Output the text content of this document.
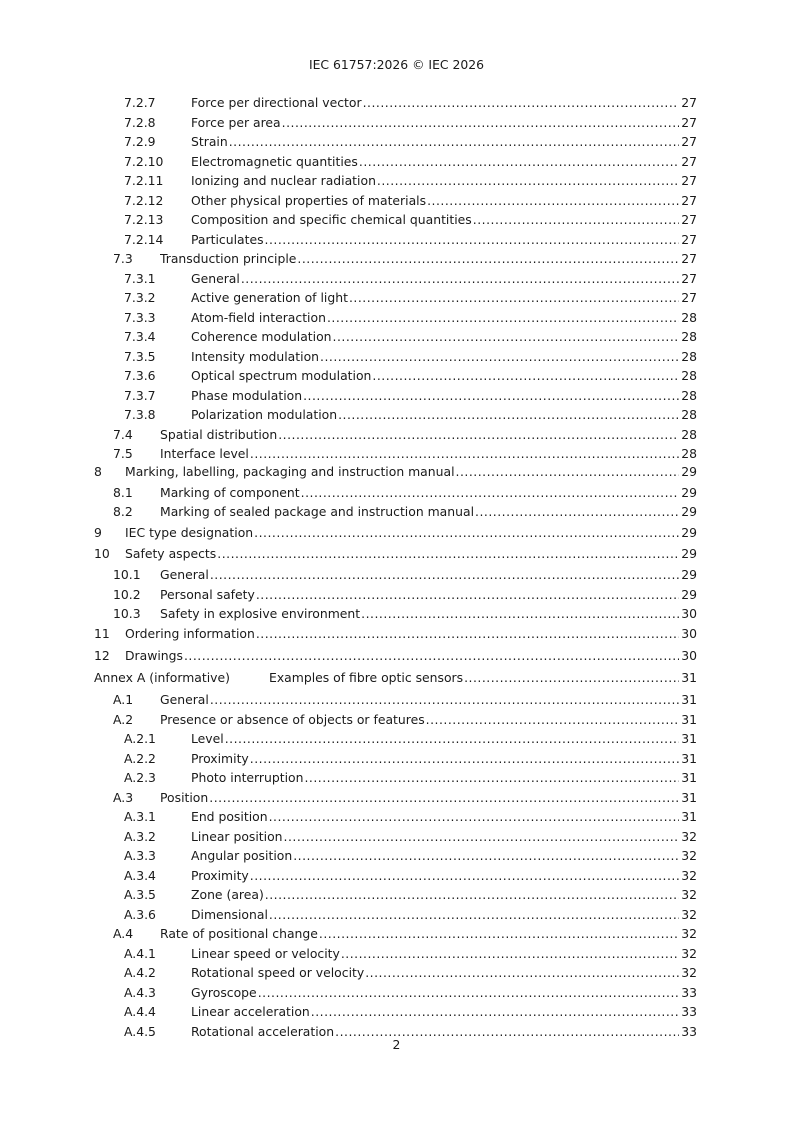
IEC 61757:2026 © IEC 2026
7.2.7	Force per directional vector .....	27
7.2.8	Force per area .....	27
7.2.9	Strain .....	27
7.2.10 Electromagnetic quantities .....	27
7.2.11 Ionizing and nuclear radiation .....	27
7.2.12 Other physical properties of materials .....	27
7.2.13 Composition and specific chemical quantities .....	27
7.2.14 Particulates .....	27
7.3 Transduction principle .....	27
7.3.1	General .....	27
7.3.2	Active generation of light .....	27
7.3.3	Atom-field interaction .....	28
7.3.4	Coherence modulation .....	28
7.3.5	Intensity modulation .....	28
7.3.6	Optical spectrum modulation .....	28
7.3.7	Phase modulation .....	28
7.3.8	Polarization modulation .....	28
7.4 Spatial distribution .....	28
7.5 Interface level .....	28
8 Marking, labelling, packaging and instruction manual .....	29
8.1 Marking of component .....	29
8.2 Marking of sealed package and instruction manual .....	29
9 IEC type designation .....	29
10 Safety aspects .....	29
10.1 General .....	29
10.2 Personal safety .....	29
10.3 Safety in explosive environment .....	30
11 Ordering information .....	30
12 Drawings .....	30
Annex A (informative)	Examples of fibre optic sensors .....	31
A.1 General .....	31
A.2 Presence or absence of objects or features .....	31
A.2.1	Level .....	31
A.2.2	Proximity .....	31
A.2.3	Photo interruption .....	31
A.3 Position .....	31
A.3.1	End position .....	31
A.3.2	Linear position .....	32
A.3.3	Angular position .....	32
A.3.4	Proximity .....	32
A.3.5	Zone (area) .....	32
A.3.6	Dimensional .....	32
A.4 Rate of positional change .....	32
A.4.1	Linear speed or velocity .....	32
A.4.2	Rotational speed or velocity .....	32
A.4.3	Gyroscope .....	33
A.4.4	Linear acceleration .....	33
A.4.5	Rotational acceleration .....	33
2
